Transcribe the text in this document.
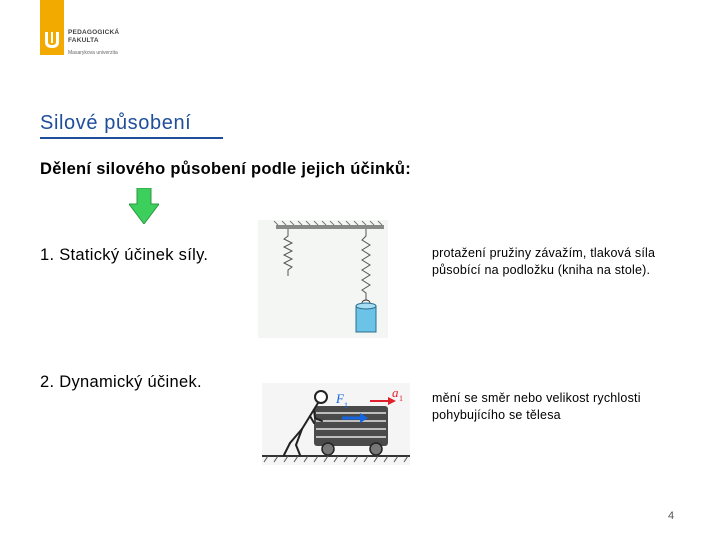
PEDAGOGICKÁ
FAKULTA
Masarykova univerzita
Silové působení
Dělení silového působení podle jejich účinků:
1. Statický účinek síly.
2. Dynamický účinek.
F 1
a 1
protažení pružiny závažím, tlaková síla působící na podložku (kniha na stole).
mění se směr nebo velikost rychlosti pohybujícího se tělesa
4
